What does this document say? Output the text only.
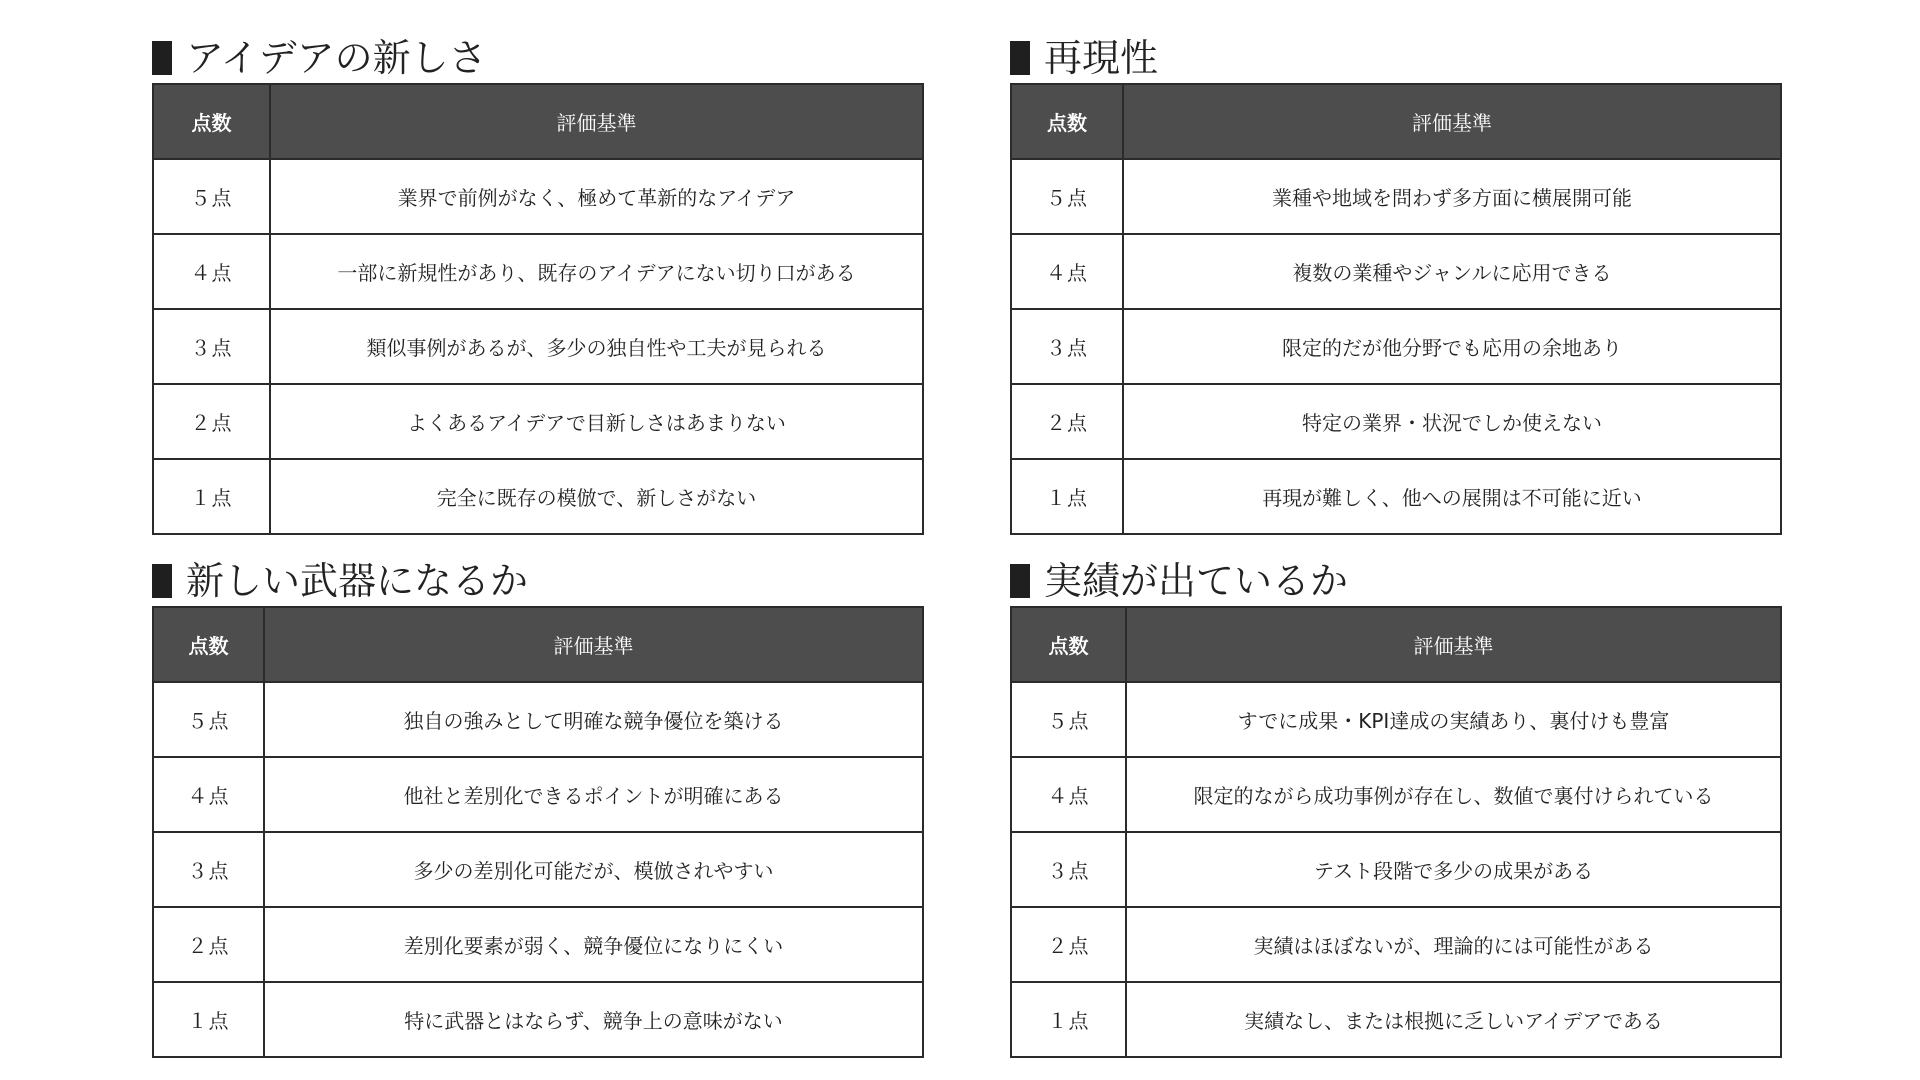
アイデアの新しさ
点数	評価基準
５点	業界で前例がなく、極めて革新的なアイデア
４点	一部に新規性があり、既存のアイデアにない切り口がある
３点	類似事例があるが、多少の独自性や工夫が見られる
２点	よくあるアイデアで目新しさはあまりない
１点	完全に既存の模倣で、新しさがない
再現性
点数	評価基準
５点	業種や地域を問わず多方面に横展開可能
４点	複数の業種やジャンルに応用できる
３点	限定的だが他分野でも応用の余地あり
２点	特定の業界・状況でしか使えない
１点	再現が難しく、他への展開は不可能に近い
新しい武器になるか
点数	評価基準
５点	独自の強みとして明確な競争優位を築ける
４点	他社と差別化できるポイントが明確にある
３点	多少の差別化可能だが、模倣されやすい
２点	差別化要素が弱く、競争優位になりにくい
１点	特に武器とはならず、競争上の意味がない
実績が出ているか
点数	評価基準
５点	すでに成果・KPI達成の実績あり、裏付けも豊富
４点	限定的ながら成功事例が存在し、数値で裏付けられている
３点	テスト段階で多少の成果がある
２点	実績はほぼないが、理論的には可能性がある
１点	実績なし、または根拠に乏しいアイデアである
